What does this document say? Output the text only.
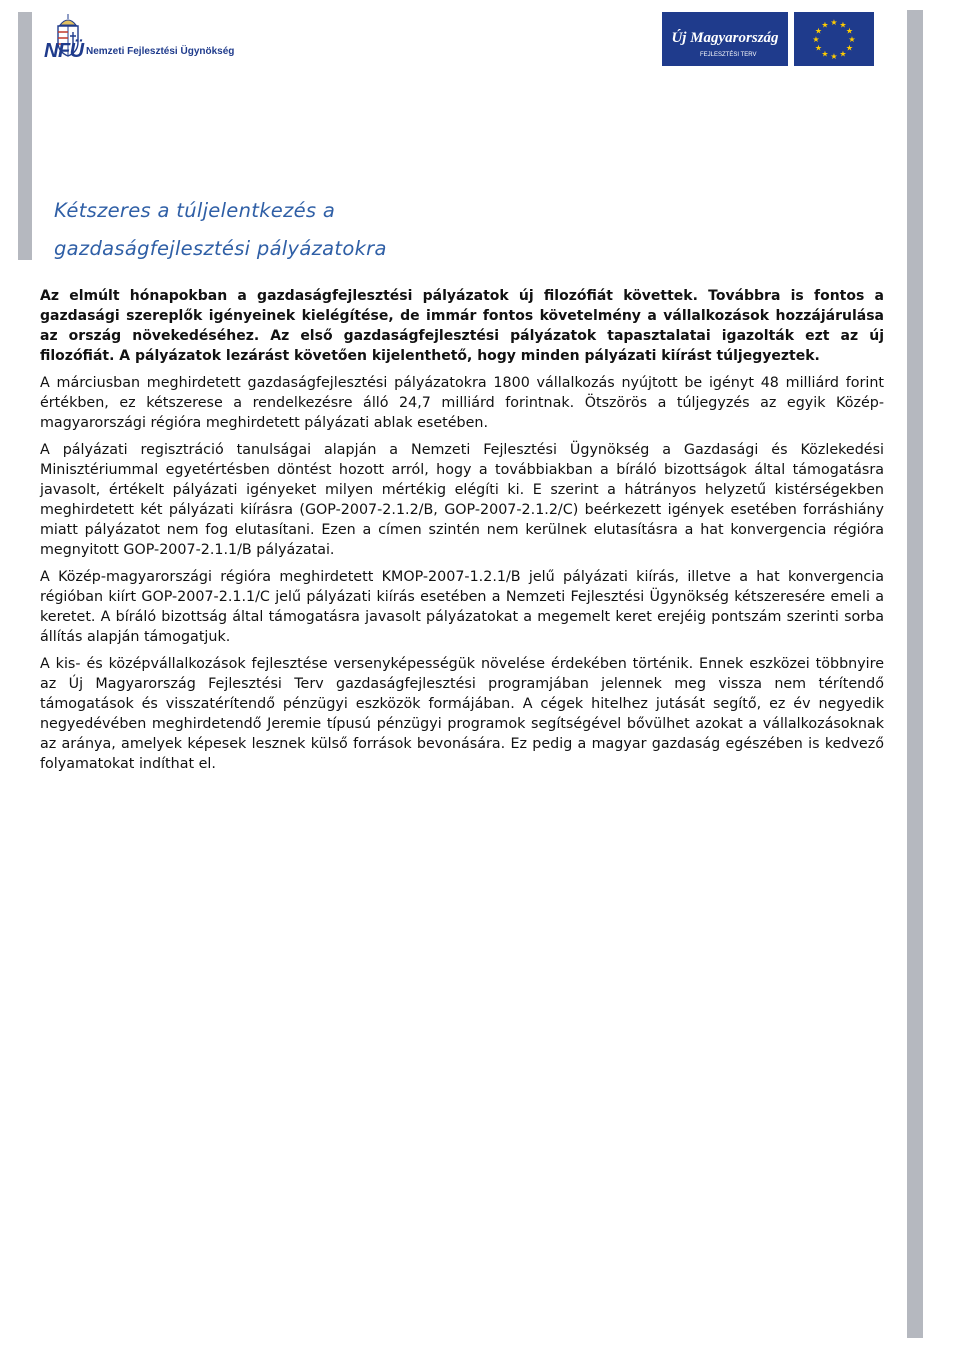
NFÜ Nemzeti Fejlesztési Ügynökség
Új Magyarország
FEJLESZTÉSI TERV
★ ★
★
★
★
★
★
★
★
★
★
★
Kétszeres a túljelentkezés a
gazdaságfejlesztési pályázatokra

Az elmúlt hónapokban a gazdaságfejlesztési pályázatok új filozófiát követtek. Továbbra is fontos a gazdasági szereplők igényeinek kielégítése, de immár fontos követelmény a vállalkozások hozzájárulása az ország növekedéséhez. Az első gazdaságfejlesztési pályázatok tapasztalatai igazolták ezt az új filozófiát. A pályázatok lezárást követően kijelenthető, hogy minden pályázati kiírást túljegyeztek.

A márciusban meghirdetett gazdaságfejlesztési pályázatokra 1800 vállalkozás nyújtott be igényt 48 milliárd forint értékben, ez kétszerese a rendelkezésre álló 24,7 milliárd forintnak. Ötszörös a túljegyzés az egyik Közép-magyarországi régióra meghirdetett pályázati ablak esetében.

A pályázati regisztráció tanulságai alapján a Nemzeti Fejlesztési Ügynökség a Gazdasági és Közlekedési Minisztériummal egyetértésben döntést hozott arról, hogy a továbbiakban a bíráló bizottságok által támogatásra javasolt, értékelt pályázati igényeket milyen mértékig elégíti ki. E szerint a hátrányos helyzetű kistérségekben meghirdetett két pályázati kiírásra (GOP-2007-2.1.2/B, GOP-2007-2.1.2/C) beérkezett igények esetében forráshiány miatt pályázatot nem fog elutasítani. Ezen a címen szintén nem kerülnek elutasításra a hat konvergencia régióra megnyitott GOP-2007-2.1.1/B pályázatai.

A Közép-magyarországi régióra meghirdetett KMOP-2007-1.2.1/B jelű pályázati kiírás, illetve a hat konvergencia régióban kiírt GOP-2007-2.1.1/C jelű pályázati kiírás esetében a Nemzeti Fejlesztési Ügynökség kétszeresére emeli a keretet. A bíráló bizottság által támogatásra javasolt pályázatokat a megemelt keret erejéig pontszám szerinti sorba állítás alapján támogatjuk.

A kis- és középvállalkozások fejlesztése versenyképességük növelése érdekében történik. Ennek eszközei többnyire az Új Magyarország Fejlesztési Terv gazdaságfejlesztési programjában jelennek meg vissza nem térítendő támogatások és visszatérítendő pénzügyi eszközök formájában. A cégek hitelhez jutását segítő, ez év negyedik negyedévében meghirdetendő Jeremie típusú pénzügyi programok segítségével bővülhet azokat a vállalkozásoknak az aránya, amelyek képesek lesznek külső források bevonására. Ez pedig a magyar gazdaság egészében is kedvező folyamatokat indíthat el.
